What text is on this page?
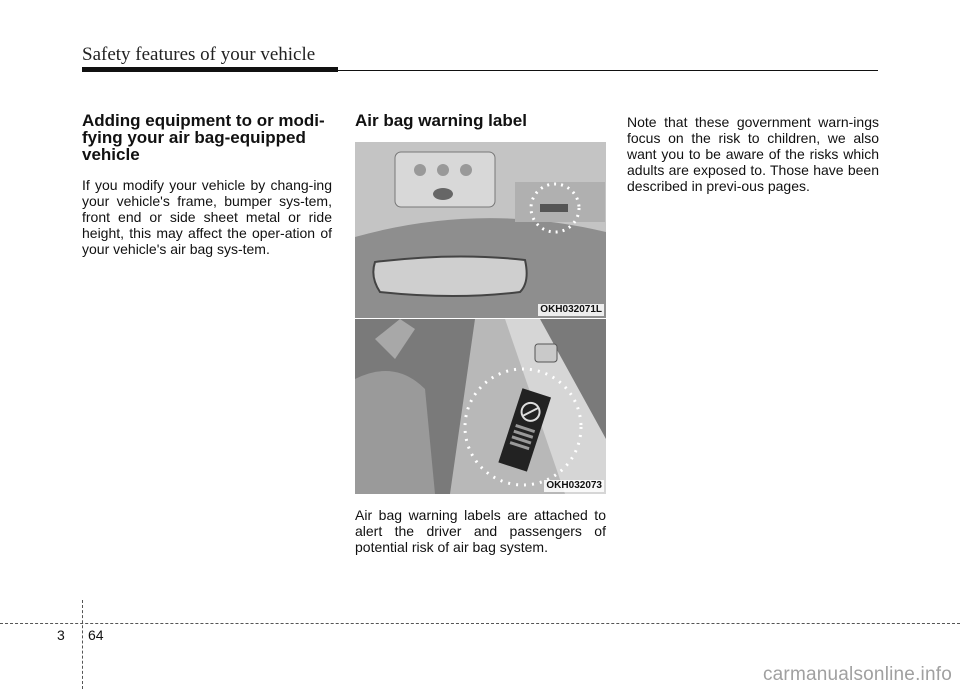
Safety features of your vehicle
Adding equipment to or modi-
fying your air bag-equipped
vehicle

If you modify your vehicle by chang-ing your vehicle's frame, bumper sys-tem, front end or side sheet metal or ride height, this may affect the oper-ation of your vehicle's air bag sys-tem.

Air bag warning label
OKH032071L
OKH032073

Air bag warning labels are attached to alert the driver and passengers of potential risk of air bag system.

Note that these government warn-ings focus on the risk to children, we also want you to be aware of the risks which adults are exposed to. Those have been described in previ-ous pages.

3 64
carmanualsonline.info
